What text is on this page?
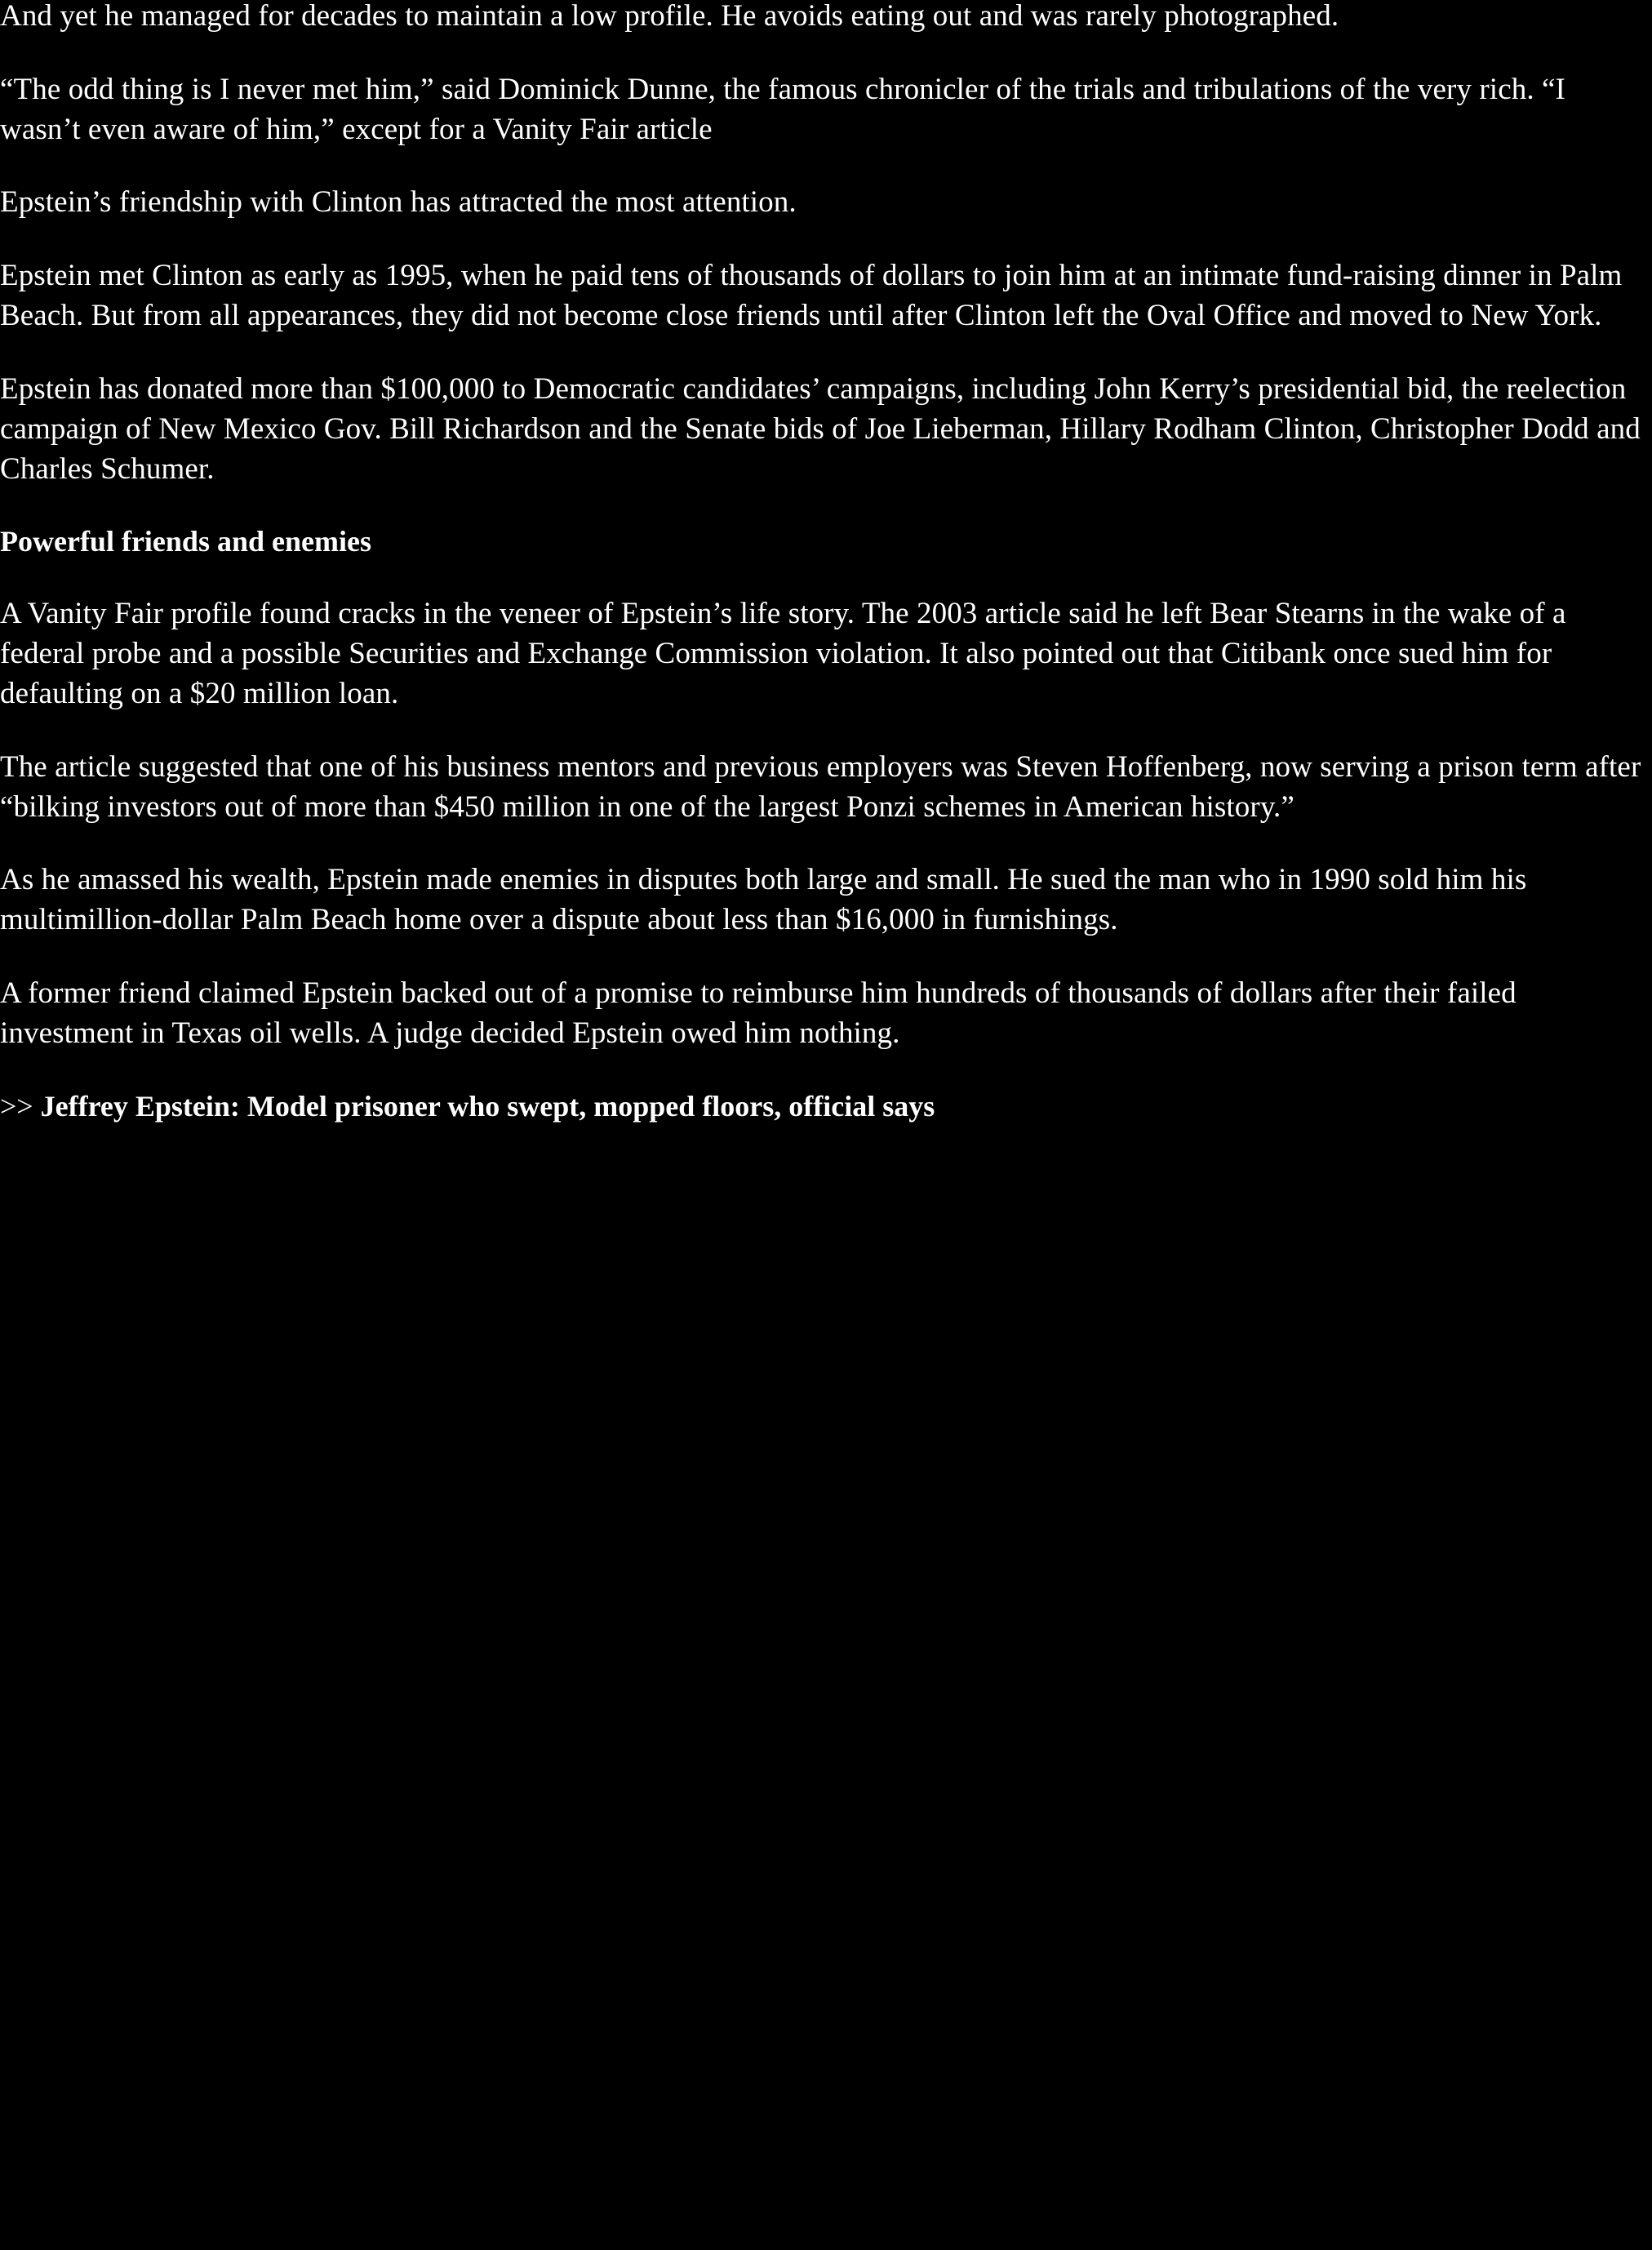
And yet he managed for decades to maintain a low profile. He avoids eating out and was rarely photographed.

“The odd thing is I never met him,” said Dominick Dunne, the famous chronicler of the trials and tribulations of the very rich. “I wasn’t even aware of him,” except for a Vanity Fair article

Epstein’s friendship with Clinton has attracted the most attention.

Epstein met Clinton as early as 1995, when he paid tens of thousands of dollars to join him at an intimate fund-raising dinner in Palm Beach. But from all appearances, they did not become close friends until after Clinton left the Oval Office and moved to New York.

Epstein has donated more than $100,000 to Democratic candidates’ campaigns, including John Kerry’s presidential bid, the reelection campaign of New Mexico Gov. Bill Richardson and the Senate bids of Joe Lieberman, Hillary Rodham Clinton, Christopher Dodd and Charles Schumer.

Powerful friends and enemies

A Vanity Fair profile found cracks in the veneer of Epstein’s life story. The 2003 article said he left Bear Stearns in the wake of a federal probe and a possible Securities and Exchange Commission violation. It also pointed out that Citibank once sued him for defaulting on a $20 million loan.

The article suggested that one of his business mentors and previous employers was Steven Hoffenberg, now serving a prison term after “bilking investors out of more than $450 million in one of the largest Ponzi schemes in American history.”

As he amassed his wealth, Epstein made enemies in disputes both large and small. He sued the man who in 1990 sold him his multimillion-dollar Palm Beach home over a dispute about less than $16,000 in furnishings.

A former friend claimed Epstein backed out of a promise to reimburse him hundreds of thousands of dollars after their failed investment in Texas oil wells. A judge decided Epstein owed him nothing.

>> Jeffrey Epstein: Model prisoner who swept, mopped floors, official says
